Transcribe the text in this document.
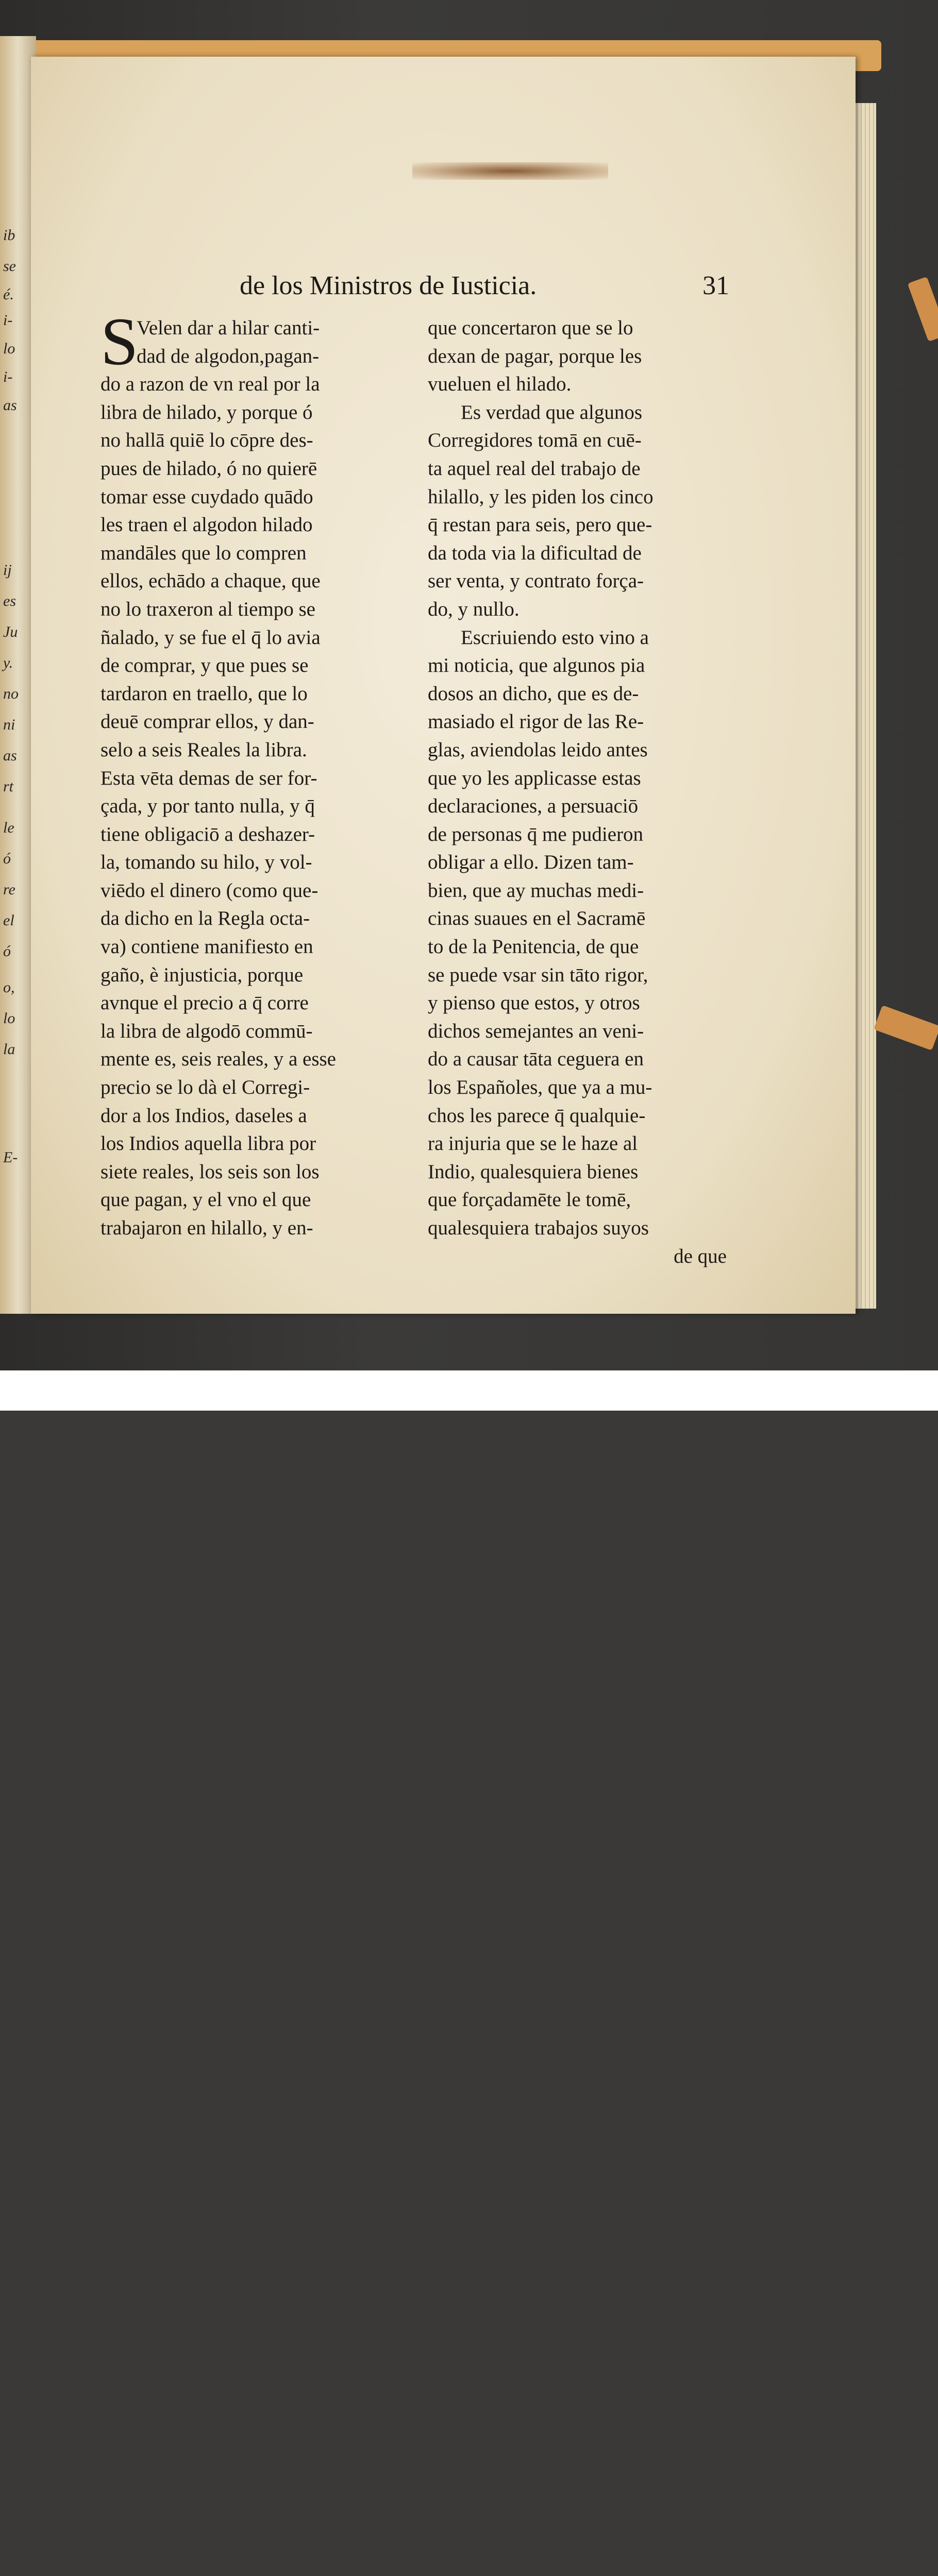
ib
se
é.
i-
lo
i-
as
ij
es
Ju
y.
no
ni
as
rt
le
ó
re
el
ó
o,
lo
la
E-
de los Ministros de Iusticia.	31
S
Velen dar a hilar canti-
dad de algodon,pagan-
do a razon de vn real por la
libra de hilado, y porque ó
no hallā quiē lo cōpre des-
pues de hilado, ó no quierē
tomar esse cuydado quādo
les traen el algodon hilado
mandāles que lo compren
ellos, echādo a chaque, que
no lo traxeron al tiempo se
ñalado, y se fue el q̄ lo avia
de comprar, y que pues se
tardaron en traello, que lo
deuē comprar ellos, y dan-
selo a seis Reales la libra.
Esta vēta demas de ser for-
çada, y por tanto nulla, y q̄
tiene obligaciō a deshazer-
la, tomando su hilo, y vol-
viēdo el dinero (como que-
da dicho en la Regla octa-
va) contiene manifiesto en
gaño, è injusticia, porque
avnque el precio a q̄ corre
la libra de algodō commū-
mente es, seis reales, y a esse
precio se lo dà el Corregi-
dor a los Indios, daseles a
los Indios aquella libra por
siete reales, los seis son los
que pagan, y el vno el que
trabajaron en hilallo, y en-
que concertaron que se lo
dexan de pagar, porque les
vueluen el hilado.
Es verdad que algunos
Corregidores tomā en cuē-
ta aquel real del trabajo de
hilallo, y les piden los cinco
q̄ restan para seis, pero que-
da toda via la dificultad de
ser venta, y contrato força-
do, y nullo.
Escriuiendo esto vino a
mi noticia, que algunos pia
dosos an dicho, que es de-
masiado el rigor de las Re-
glas, aviendolas leido antes
que yo les applicasse estas
declaraciones, a persuaciō
de personas q̄ me pudieron
obligar a ello. Dizen tam-
bien, que ay muchas medi-
cinas suaues en el Sacramē
to de la Penitencia, de que
se puede vsar sin tāto rigor,
y pienso que estos, y otros
dichos semejantes an veni-
do a causar tāta ceguera en
los Españoles, que ya a mu-
chos les parece q̄ qualquie-
ra injuria que se le haze al
Indio, qualesquiera bienes
que forçadamēte le tomē,
qualesquiera trabajos suyos
de que
